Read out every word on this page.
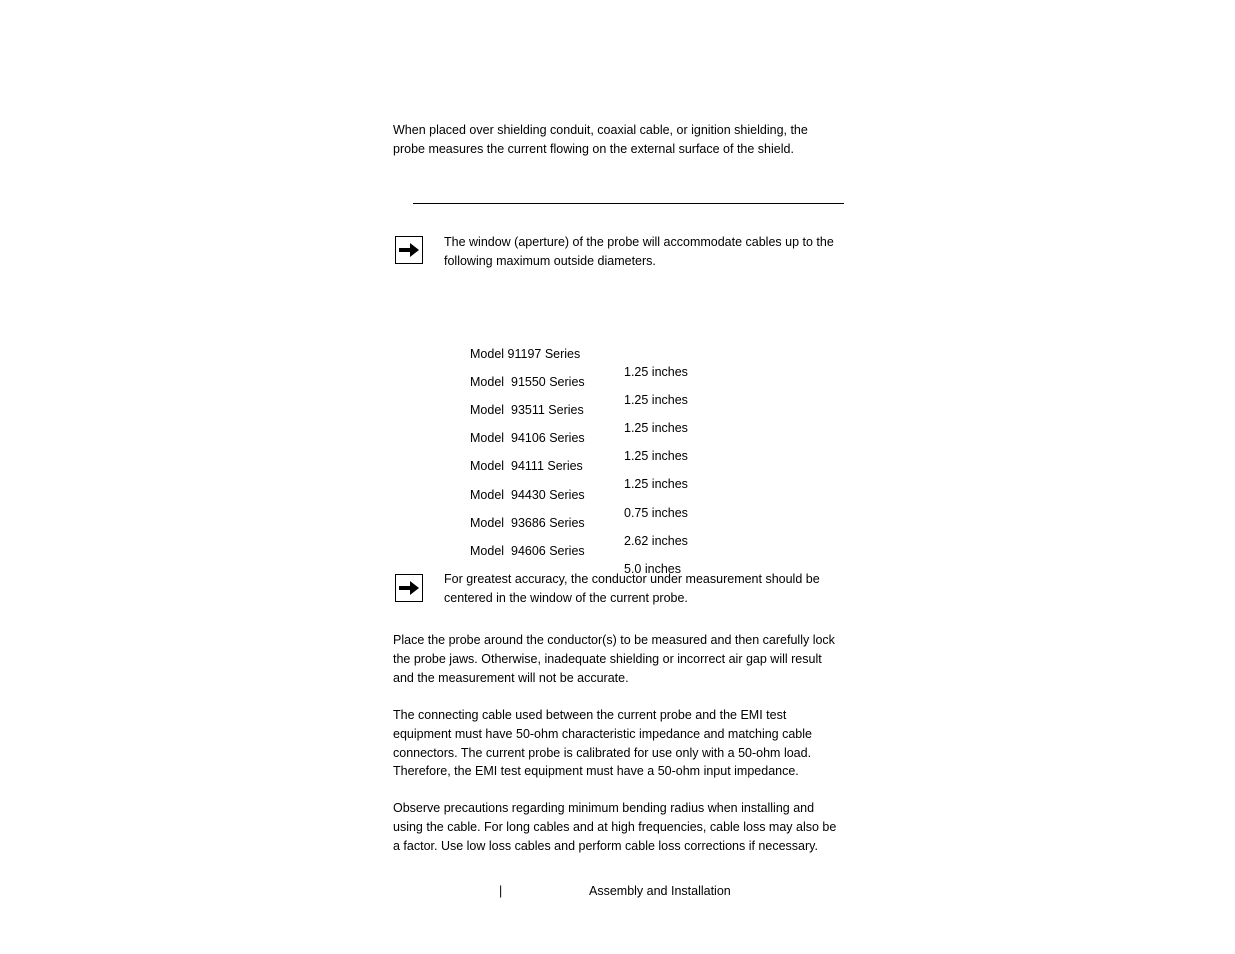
When placed over shielding conduit, coaxial cable, or ignition shielding, the probe measures the current flowing on the external surface of the shield.

The window (aperture) of the probe will accommodate cables up to the following maximum outside diameters.

Model 91197 Series

1.25 inches

Model  91550 Series

1.25 inches

Model  93511 Series

1.25 inches

Model  94106 Series

1.25 inches

Model  94111 Series

1.25 inches

Model  94430 Series

0.75 inches

Model  93686 Series

2.62 inches

Model  94606 Series

5.0 inches

For greatest accuracy, the conductor under measurement should be centered in the window of the current probe.

Place the probe around the conductor(s) to be measured and then carefully lock the probe jaws. Otherwise, inadequate shielding or incorrect air gap will result and the measurement will not be accurate.

The connecting cable used between the current probe and the EMI test equipment must have 50-ohm characteristic impedance and matching cable connectors. The current probe is calibrated for use only with a 50-ohm load. Therefore, the EMI test equipment must have a 50-ohm input impedance.

Observe precautions regarding minimum bending radius when installing and using the cable. For long cables and at high frequencies, cable loss may also be a factor. Use low loss cables and perform cable loss corrections if necessary.

|	Assembly and Installation
